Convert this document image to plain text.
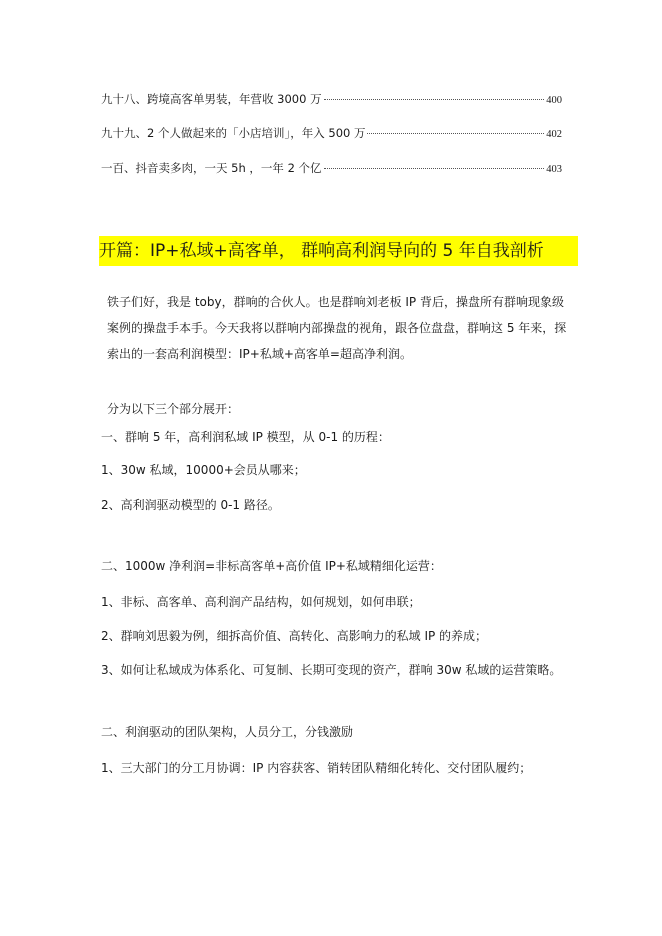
九十八、跨境高客单男装，年营收 3000 万	400
九十九、2 个人做起来的「小店培训」，年入 500 万	402
一百、抖音卖多肉，一天 5h ，一年 2 个亿	403
开篇：IP+私域+高客单， 群响高利润导向的 5 年自我剖析
铁子们好，我是 toby，群响的合伙人。也是群响刘老板 IP 背后，操盘所有群响现象级案例的操盘手本手。今天我将以群响内部操盘的视角，跟各位盘盘，群响这 5 年来，探索出的一套高利润模型：IP+私域+高客单=超高净利润。
分为以下三个部分展开：
一、群响 5 年，高利润私域 IP 模型，从 0-1 的历程：
1、30w 私域，10000+会员从哪来；
2、高利润驱动模型的 0-1 路径。
二、1000w 净利润=非标高客单+高价值 IP+私域精细化运营：
1、非标、高客单、高利润产品结构，如何规划，如何串联；
2、群响刘思毅为例，细拆高价值、高转化、高影响力的私域 IP 的养成；
3、如何让私域成为体系化、可复制、长期可变现的资产，群响 30w 私域的运营策略。
二、利润驱动的团队架构，人员分工，分钱激励
1、三大部门的分工月协调：IP 内容获客、销转团队精细化转化、交付团队履约；
